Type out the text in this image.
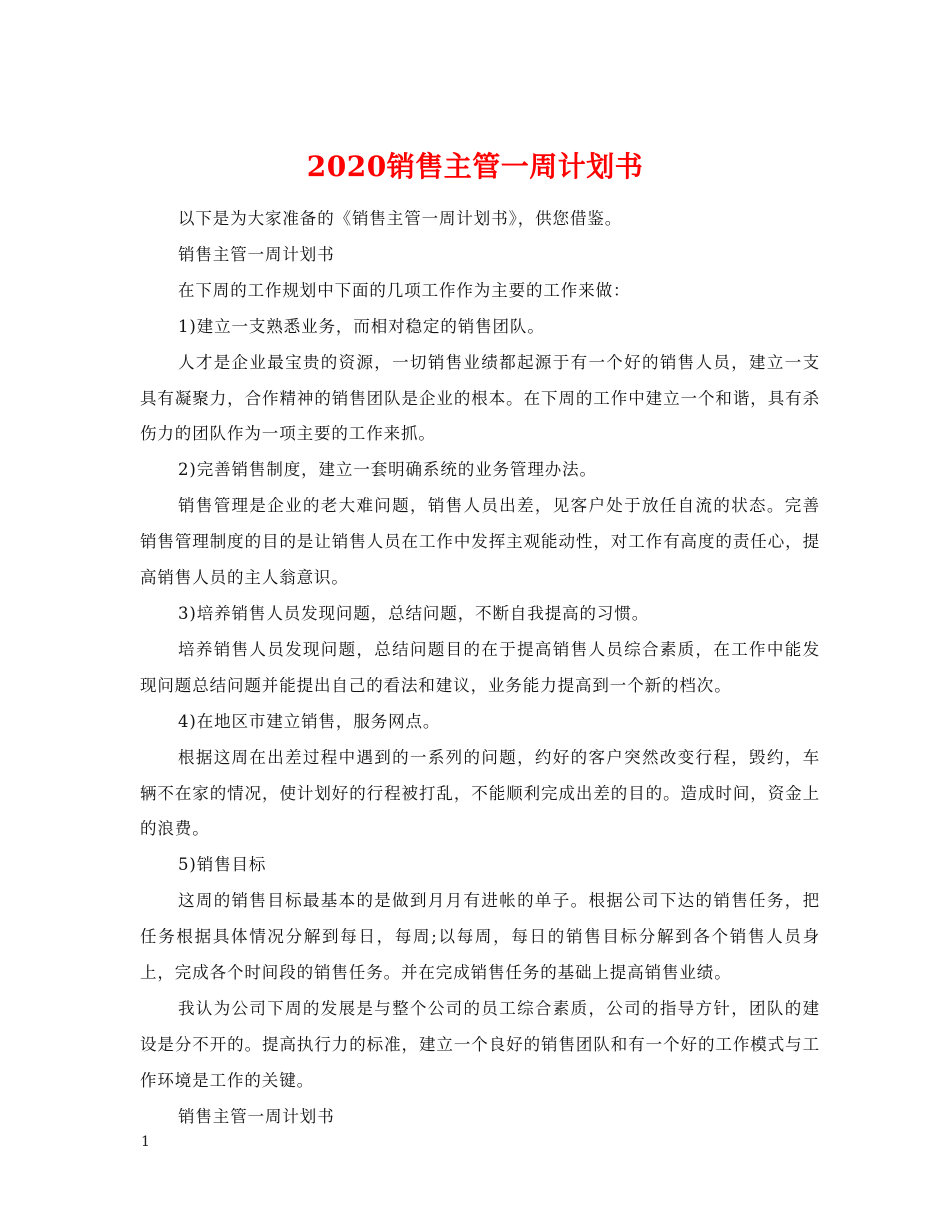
2020销售主管一周计划书

以下是为大家准备的《销售主管一周计划书》，供您借鉴。

销售主管一周计划书

在下周的工作规划中下面的几项工作作为主要的工作来做：

1)建立一支熟悉业务，而相对稳定的销售团队。

人才是企业最宝贵的资源，一切销售业绩都起源于有一个好的销售人员，建立一支具有凝聚力，合作精神的销售团队是企业的根本。在下周的工作中建立一个和谐，具有杀伤力的团队作为一项主要的工作来抓。

2)完善销售制度，建立一套明确系统的业务管理办法。

销售管理是企业的老大难问题，销售人员出差，见客户处于放任自流的状态。完善销售管理制度的目的是让销售人员在工作中发挥主观能动性，对工作有高度的责任心，提高销售人员的主人翁意识。

3)培养销售人员发现问题，总结问题，不断自我提高的习惯。

培养销售人员发现问题，总结问题目的在于提高销售人员综合素质，在工作中能发现问题总结问题并能提出自己的看法和建议，业务能力提高到一个新的档次。

4)在地区市建立销售，服务网点。

根据这周在出差过程中遇到的一系列的问题，约好的客户突然改变行程，毁约，车辆不在家的情况，使计划好的行程被打乱，不能顺利完成出差的目的。造成时间，资金上的浪费。

5)销售目标

这周的销售目标最基本的是做到月月有进帐的单子。根据公司下达的销售任务，把任务根据具体情况分解到每日，每周;以每周，每日的销售目标分解到各个销售人员身上，完成各个时间段的销售任务。并在完成销售任务的基础上提高销售业绩。

我认为公司下周的发展是与整个公司的员工综合素质，公司的指导方针，团队的建设是分不开的。提高执行力的标准，建立一个良好的销售团队和有一个好的工作模式与工作环境是工作的关键。

销售主管一周计划书

1
